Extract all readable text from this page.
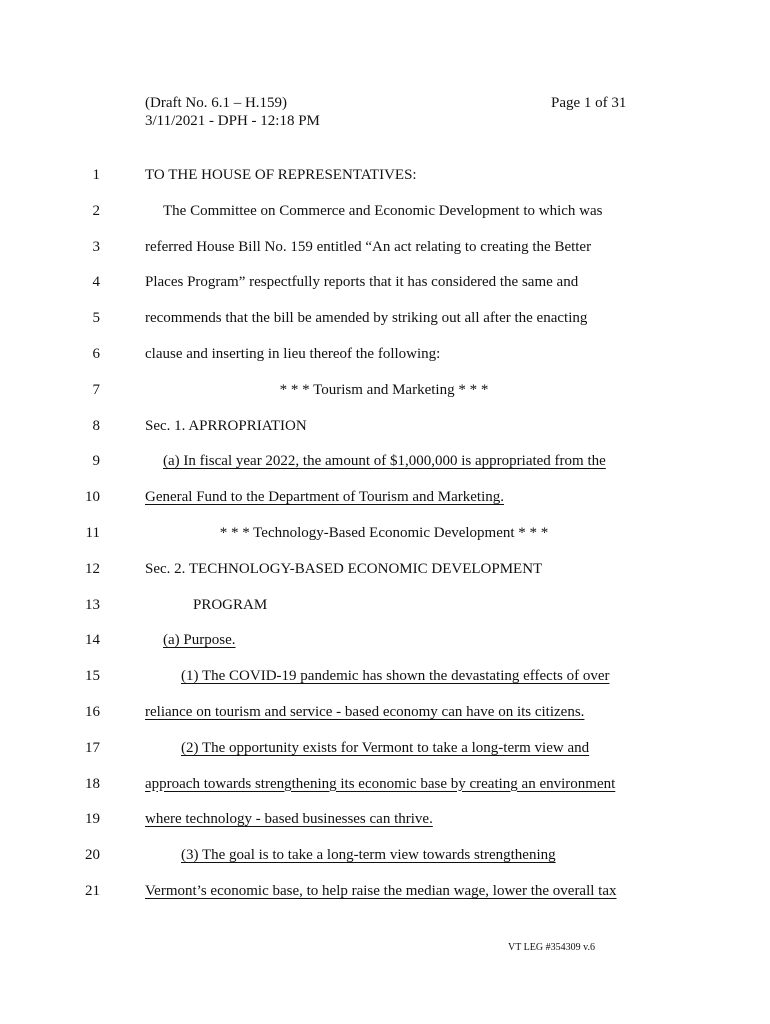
(Draft No. 6.1 – H.159)
3/11/2021 - DPH - 12:18 PM
Page 1 of 31
1	TO THE HOUSE OF REPRESENTATIVES:
2	The Committee on Commerce and Economic Development to which was
3	referred House Bill No. 159 entitled “An act relating to creating the Better
4	Places Program” respectfully reports that it has considered the same and
5	recommends that the bill be amended by striking out all after the enacting
6	clause and inserting in lieu thereof the following:
7	* * * Tourism and Marketing * * *
8	Sec. 1. APRROPRIATION
9	(a) In fiscal year 2022, the amount of $1,000,000 is appropriated from the
10	General Fund to the Department of Tourism and Marketing.
11	* * * Technology-Based Economic Development * * *
12	Sec. 2. TECHNOLOGY-BASED ECONOMIC DEVELOPMENT
13	PROGRAM
14	(a) Purpose.
15	(1) The COVID-19 pandemic has shown the devastating effects of over
16	reliance on tourism and service - based economy can have on its citizens.
17	(2) The opportunity exists for Vermont to take a long-term view and
18	approach towards strengthening its economic base by creating an environment
19	where technology - based businesses can thrive.
20	(3) The goal is to take a long-term view towards strengthening
21	Vermont’s economic base, to help raise the median wage, lower the overall tax
VT LEG #354309 v.6
